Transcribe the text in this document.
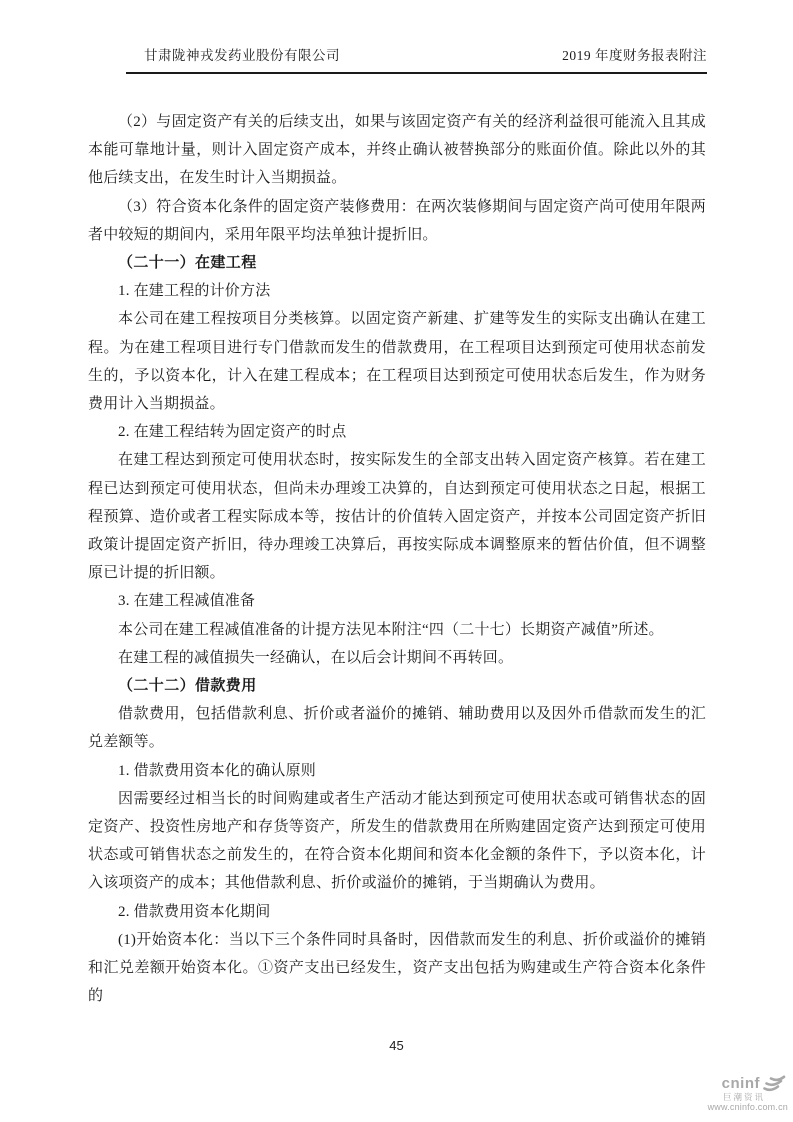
甘肃陇神戎发药业股份有限公司	2019 年度财务报表附注

（2）与固定资产有关的后续支出，如果与该固定资产有关的经济利益很可能流入且其成本能可靠地计量，则计入固定资产成本，并终止确认被替换部分的账面价值。除此以外的其他后续支出，在发生时计入当期损益。

（3）符合资本化条件的固定资产装修费用：在两次装修期间与固定资产尚可使用年限两者中较短的期间内，采用年限平均法单独计提折旧。

（二十一）在建工程

1. 在建工程的计价方法

本公司在建工程按项目分类核算。以固定资产新建、扩建等发生的实际支出确认在建工程。为在建工程项目进行专门借款而发生的借款费用，在工程项目达到预定可使用状态前发生的，予以资本化，计入在建工程成本；在工程项目达到预定可使用状态后发生，作为财务费用计入当期损益。

2. 在建工程结转为固定资产的时点

在建工程达到预定可使用状态时，按实际发生的全部支出转入固定资产核算。若在建工程已达到预定可使用状态，但尚未办理竣工决算的，自达到预定可使用状态之日起，根据工程预算、造价或者工程实际成本等，按估计的价值转入固定资产，并按本公司固定资产折旧政策计提固定资产折旧，待办理竣工决算后，再按实际成本调整原来的暂估价值，但不调整原已计提的折旧额。

3. 在建工程减值准备

本公司在建工程减值准备的计提方法见本附注“四（二十七）长期资产减值”所述。

在建工程的减值损失一经确认，在以后会计期间不再转回。

（二十二）借款费用

借款费用，包括借款利息、折价或者溢价的摊销、辅助费用以及因外币借款而发生的汇兑差额等。

1. 借款费用资本化的确认原则

因需要经过相当长的时间购建或者生产活动才能达到预定可使用状态或可销售状态的固定资产、投资性房地产和存货等资产，所发生的借款费用在所购建固定资产达到预定可使用状态或可销售状态之前发生的，在符合资本化期间和资本化金额的条件下，予以资本化，计入该项资产的成本；其他借款利息、折价或溢价的摊销，于当期确认为费用。

2. 借款费用资本化期间

(1)开始资本化：当以下三个条件同时具备时，因借款而发生的利息、折价或溢价的摊销和汇兑差额开始资本化。①资产支出已经发生，资产支出包括为购建或生产符合资本化条件的

45
cninf
巨潮资讯
www.cninfo.com.cn
